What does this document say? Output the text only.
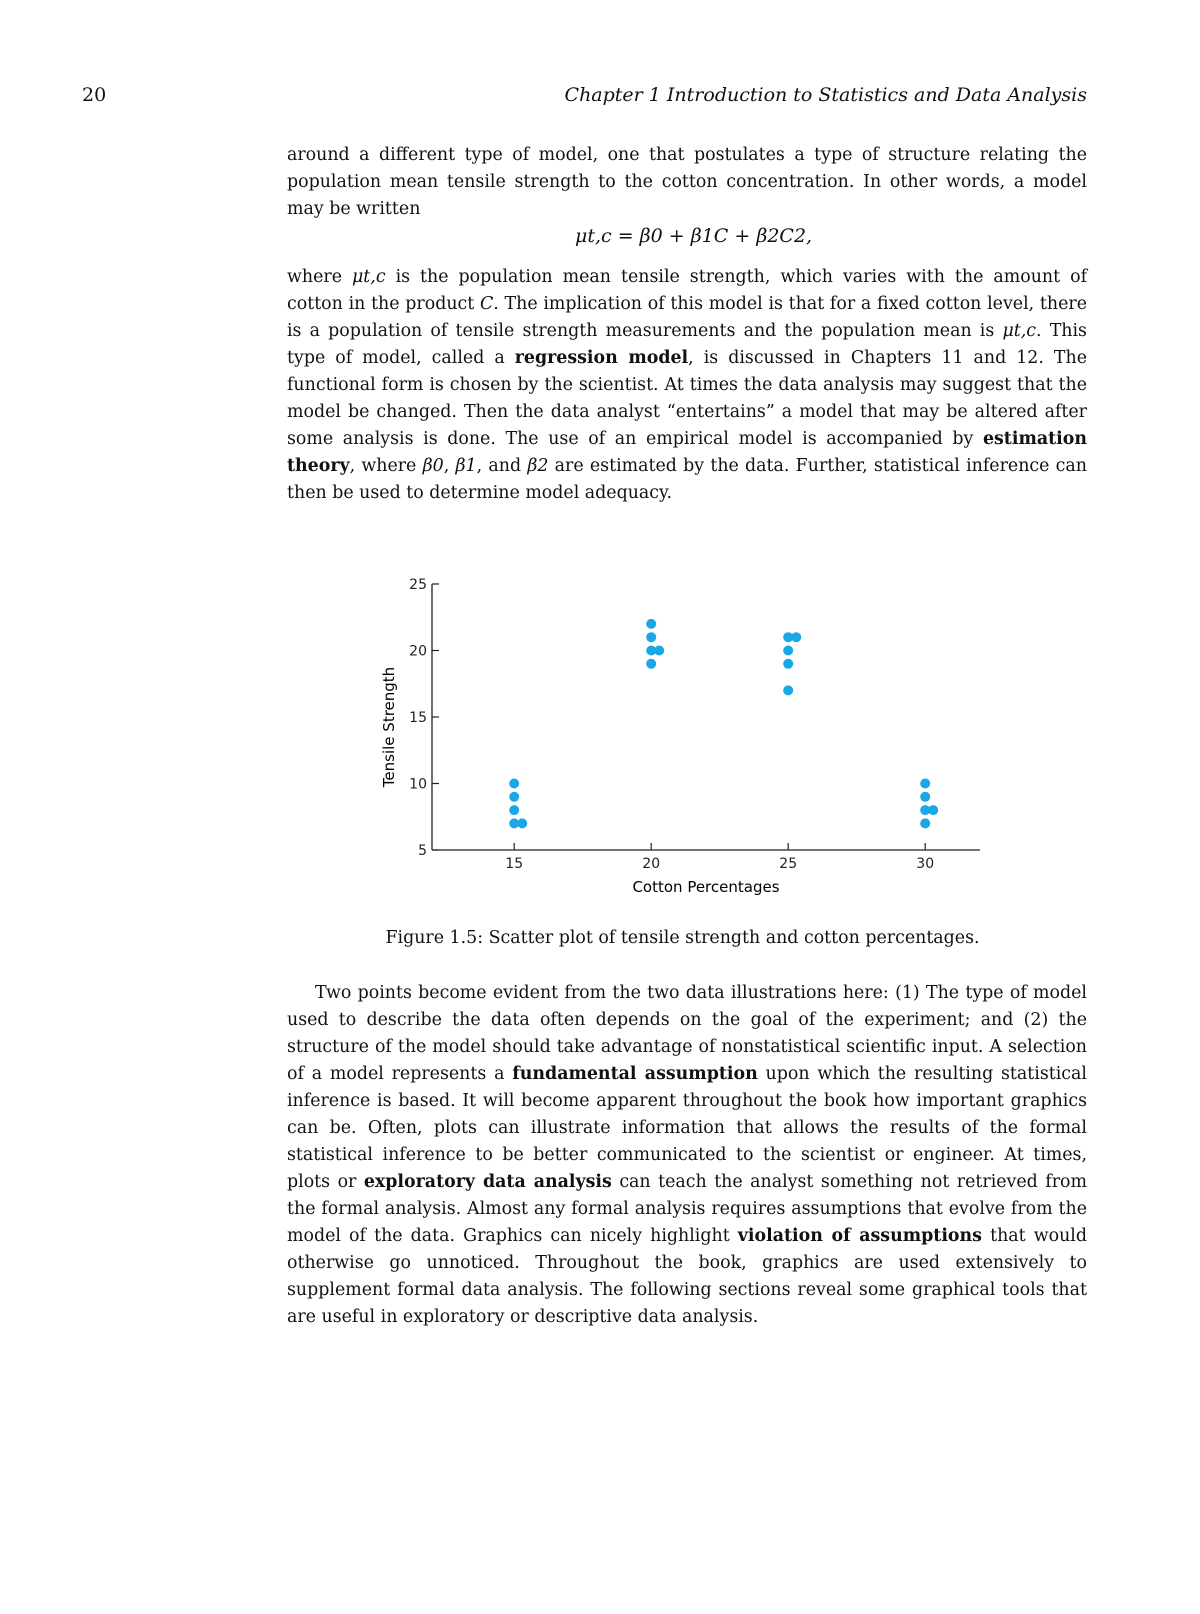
20	Chapter 1 Introduction to Statistics and Data Analysis

around a different type of model, one that postulates a type of structure relating the population mean tensile strength to the cotton concentration. In other words, a model may be written

μt,c = β0 + β1C + β2C2,

where μt,c is the population mean tensile strength, which varies with the amount of cotton in the product C. The implication of this model is that for a fixed cotton level, there is a population of tensile strength measurements and the population mean is μt,c. This type of model, called a regression model, is discussed in Chapters 11 and 12. The functional form is chosen by the scientist. At times the data analysis may suggest that the model be changed. Then the data analyst “entertains” a model that may be altered after some analysis is done. The use of an empirical model is accompanied by estimation theory, where β0, β1, and β2 are estimated by the data. Further, statistical inference can then be used to determine model adequacy.

5
10
15
20
25
15	20	25	30
Cotton Percentages
Tensile Strength
Figure 1.5: Scatter plot of tensile strength and cotton percentages.

Two points become evident from the two data illustrations here: (1) The type of model used to describe the data often depends on the goal of the experiment; and (2) the structure of the model should take advantage of nonstatistical scientific input. A selection of a model represents a fundamental assumption upon which the resulting statistical inference is based. It will become apparent throughout the book how important graphics can be. Often, plots can illustrate information that allows the results of the formal statistical inference to be better communicated to the scientist or engineer. At times, plots or exploratory data analysis can teach the analyst something not retrieved from the formal analysis. Almost any formal analysis requires assumptions that evolve from the model of the data. Graphics can nicely highlight violation of assumptions that would otherwise go unnoticed. Throughout the book, graphics are used extensively to supplement formal data analysis. The following sections reveal some graphical tools that are useful in exploratory or descriptive data analysis.
